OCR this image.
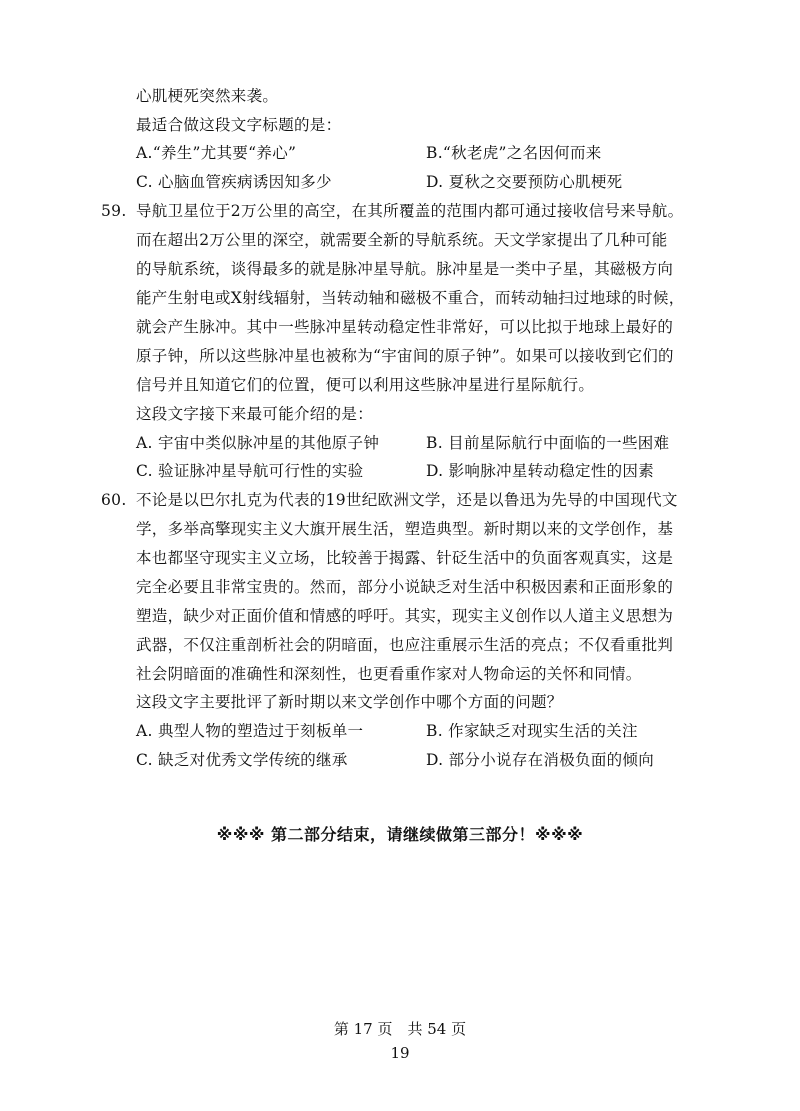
心肌梗死突然来袭。
最适合做这段文字标题的是：
A.“养生”尤其要“养心”	B.“秋老虎”之名因何而来
C. 心脑血管疾病诱因知多少	D. 夏秋之交要预防心肌梗死
59. 导航卫星位于2万公里的高空，在其所覆盖的范围内都可通过接收信号来导航。
而在超出2万公里的深空，就需要全新的导航系统。天文学家提出了几种可能
的导航系统，谈得最多的就是脉冲星导航。脉冲星是一类中子星，其磁极方向
能产生射电或X射线辐射，当转动轴和磁极不重合，而转动轴扫过地球的时候，
就会产生脉冲。其中一些脉冲星转动稳定性非常好，可以比拟于地球上最好的
原子钟，所以这些脉冲星也被称为“宇宙间的原子钟”。如果可以接收到它们的
信号并且知道它们的位置，便可以利用这些脉冲星进行星际航行。
这段文字接下来最可能介绍的是：
A. 宇宙中类似脉冲星的其他原子钟	B. 目前星际航行中面临的一些困难
C. 验证脉冲星导航可行性的实验	D. 影响脉冲星转动稳定性的因素
60. 不论是以巴尔扎克为代表的19世纪欧洲文学，还是以鲁迅为先导的中国现代文
学，多举高擎现实主义大旗开展生活，塑造典型。新时期以来的文学创作，基
本也都坚守现实主义立场，比较善于揭露、针砭生活中的负面客观真实，这是
完全必要且非常宝贵的。然而，部分小说缺乏对生活中积极因素和正面形象的
塑造，缺少对正面价值和情感的呼吁。其实，现实主义创作以人道主义思想为
武器，不仅注重剖析社会的阴暗面，也应注重展示生活的亮点；不仅看重批判
社会阴暗面的准确性和深刻性，也更看重作家对人物命运的关怀和同情。
这段文字主要批评了新时期以来文学创作中哪个方面的问题？
A. 典型人物的塑造过于刻板单一	B. 作家缺乏对现实生活的关注
C. 缺乏对优秀文学传统的继承	D. 部分小说存在消极负面的倾向
※※※ 第二部分结束，请继续做第三部分！※※※
第 17 页　共 54 页
19
